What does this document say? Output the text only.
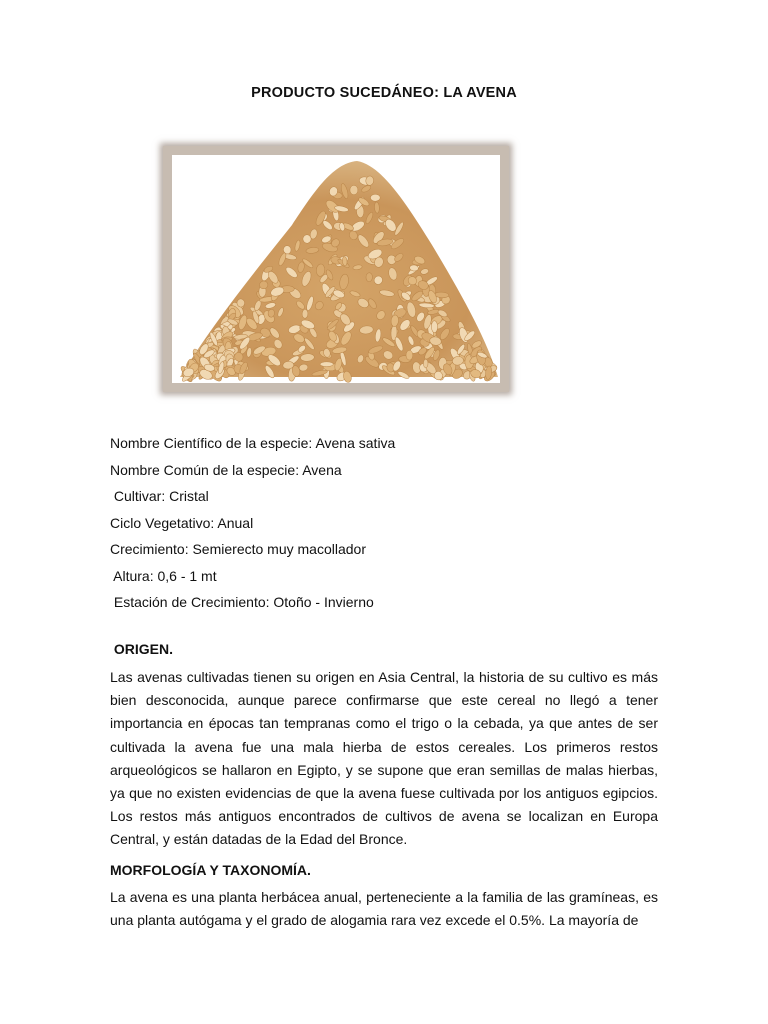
PRODUCTO SUCEDÁNEO: LA AVENA
Nombre Científico de la especie: Avena sativa
Nombre Común de la especie: Avena
Cultivar: Cristal
Ciclo Vegetativo: Anual
Crecimiento: Semierecto muy macollador
Altura: 0,6 - 1 mt
Estación de Crecimiento: Otoño - Invierno
ORIGEN.
Las avenas cultivadas tienen su origen en Asia Central, la historia de su cultivo es más bien desconocida, aunque parece confirmarse que este cereal no llegó a tener importancia en épocas tan tempranas como el trigo o la cebada, ya que antes de ser cultivada la avena fue una mala hierba de estos cereales. Los primeros restos arqueológicos se hallaron en Egipto, y se supone que eran semillas de malas hierbas, ya que no existen evidencias de que la avena fuese cultivada por los antiguos egipcios. Los restos más antiguos encontrados de cultivos de avena se localizan en Europa Central, y están datadas de la Edad del Bronce.
MORFOLOGÍA Y TAXONOMÍA.
La avena es una planta herbácea anual, perteneciente a la familia de las gramíneas, es una planta autógama y el grado de alogamia rara vez excede el 0.5%. La mayoría de
